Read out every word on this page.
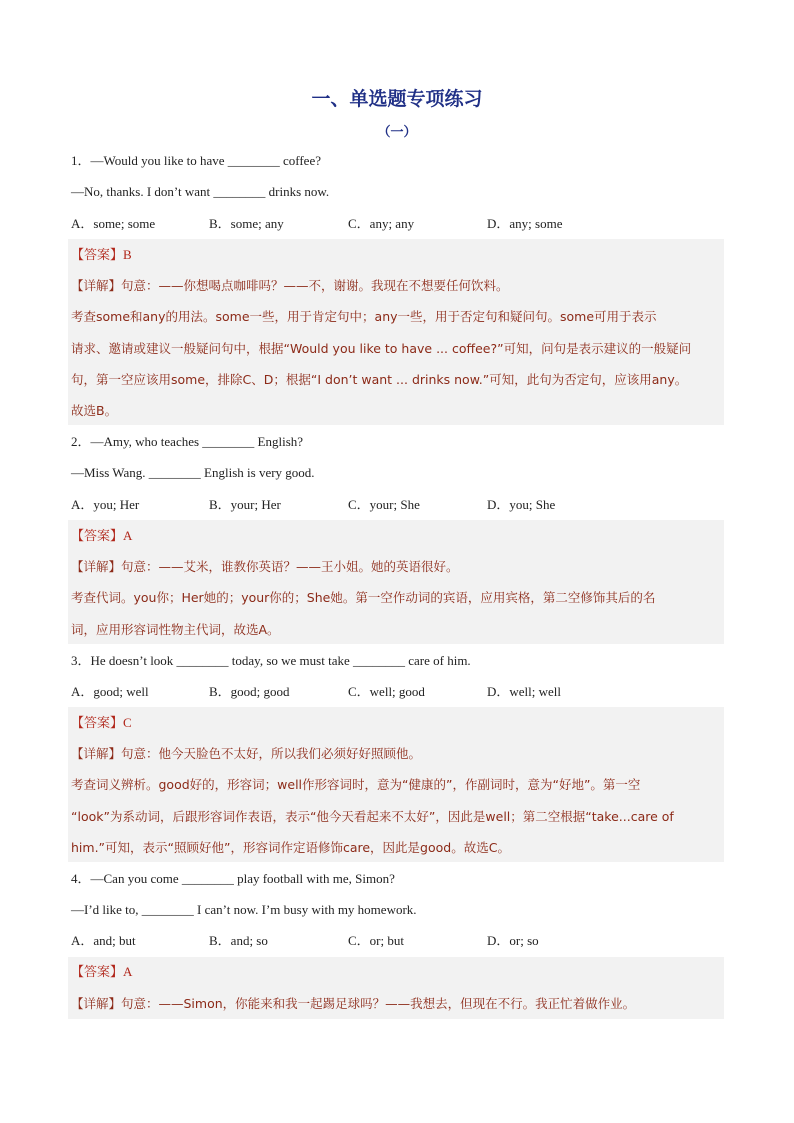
一、单选题专项练习
（一）
1．—Would you like to have ________ coffee?
—No, thanks. I don’t want ________ drinks now.
A．some; some	B．some; any	C．any; any	D．any; some
【答案】B
【详解】句意：——你想喝点咖啡吗？——不，谢谢。我现在不想要任何饮料。
考查some和any的用法。some一些，用于肯定句中；any一些，用于否定句和疑问句。some可用于表示
请求、邀请或建议一般疑问句中，根据“Would you like to have ... coffee?”可知，问句是表示建议的一般疑问
句，第一空应该用some，排除C、D；根据“I don’t want ... drinks now.”可知，此句为否定句，应该用any。
故选B。
2．—Amy, who teaches ________ English?
—Miss Wang. ________ English is very good.
A．you; Her	B．your; Her	C．your; She	D．you; She
【答案】A
【详解】句意：——艾米，谁教你英语？——王小姐。她的英语很好。
考查代词。you你；Her她的；your你的；She她。第一空作动词的宾语，应用宾格，第二空修饰其后的名
词，应用形容词性物主代词，故选A。
3．He doesn’t look ________ today, so we must take ________ care of him.
A．good; well	B．good; good	C．well; good	D．well; well
【答案】C
【详解】句意：他今天脸色不太好，所以我们必须好好照顾他。
考查词义辨析。good好的，形容词；well作形容词时，意为“健康的”，作副词时，意为“好地”。第一空
“look”为系动词，后跟形容词作表语，表示“他今天看起来不太好”，因此是well；第二空根据“take...care of
him.”可知，表示“照顾好他”，形容词作定语修饰care，因此是good。故选C。
4．—Can you come ________ play football with me, Simon?
—I’d like to, ________ I can’t now. I’m busy with my homework.
A．and; but	B．and; so	C．or; but	D．or; so
【答案】A
【详解】句意：——Simon，你能来和我一起踢足球吗？——我想去，但现在不行。我正忙着做作业。
